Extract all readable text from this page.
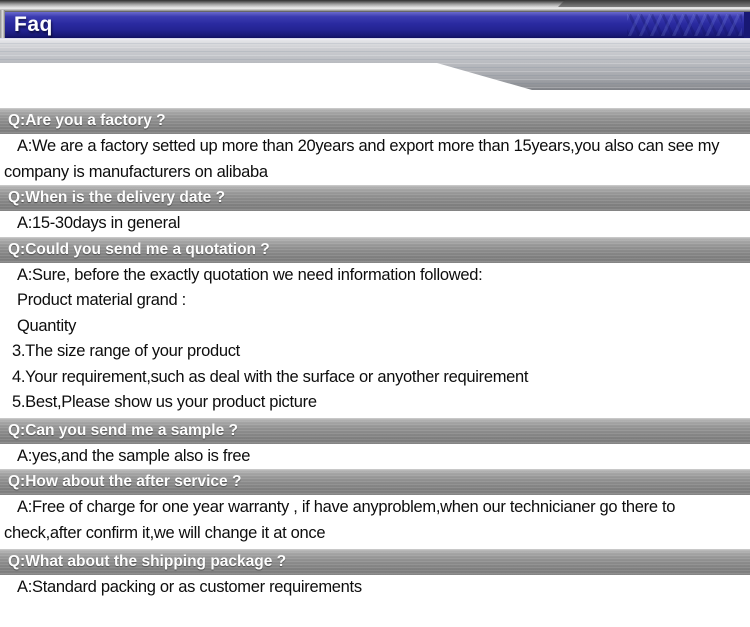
Faq
Q:Are you a factory ?

A:We are a factory setted up more than 20years and export more than 15years,you also can see my

company is manufacturers on alibaba

Q:When is the delivery date ?

A:15-30days in general

Q:Could you send me a quotation ?

A:Sure, before the exactly quotation we need information followed:

Product material grand :

Quantity

3.The size range of your product

4.Your requirement,such as deal with the surface or anyother requirement

5.Best,Please show us your product picture

Q:Can you send me a sample ?

A:yes,and the sample also is free

Q:How about the after service ?

A:Free of charge for one year warranty , if have anyproblem,when our technicianer go there to

check,after confirm it,we will change it at once

Q:What about the shipping package ?

A:Standard packing or as customer requirements
